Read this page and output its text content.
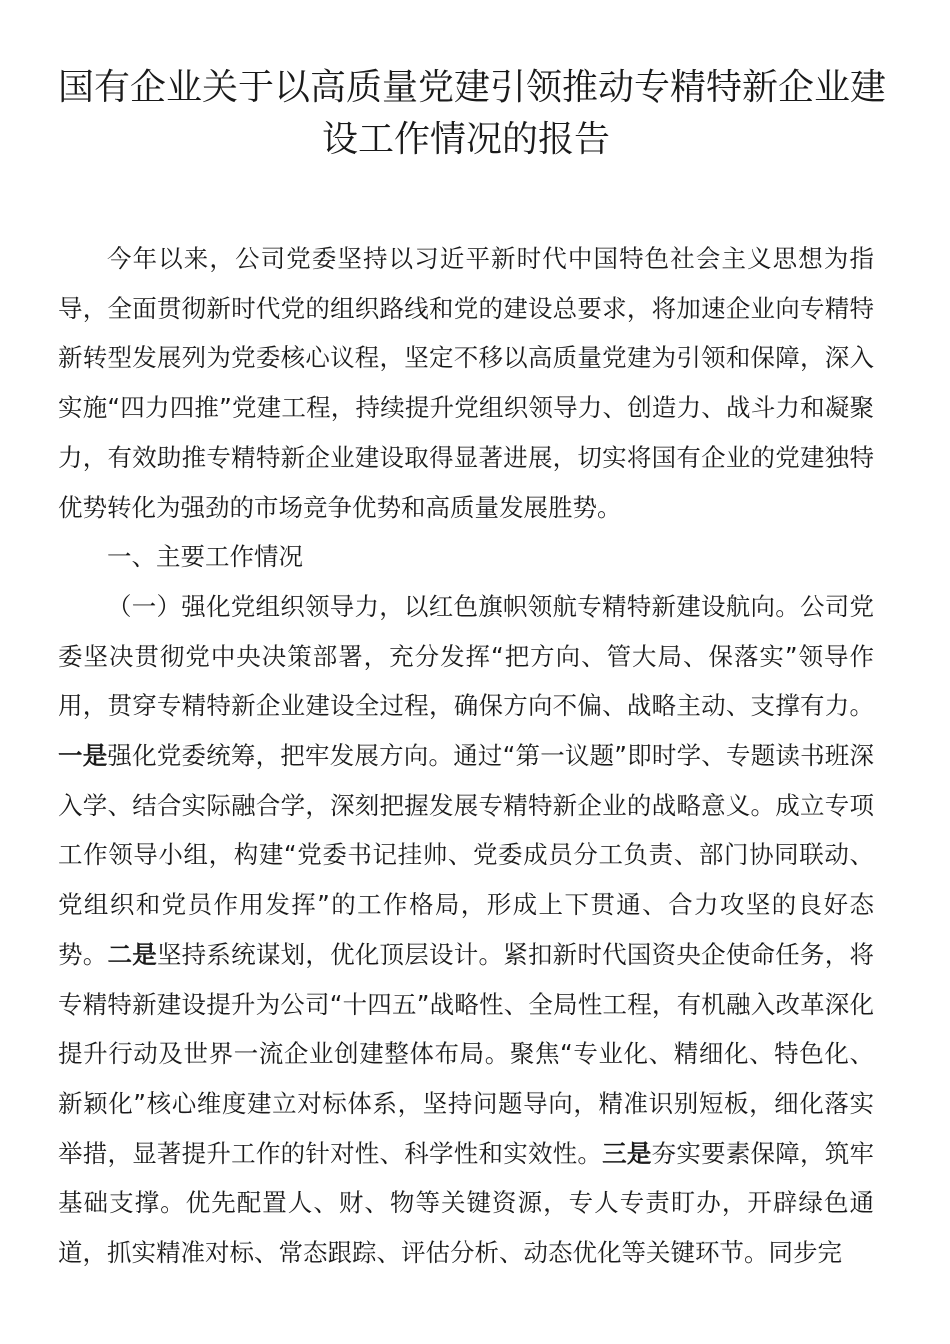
国有企业关于以高质量党建引领推动专精特新企业建
设工作情况的报告

今年以来，公司党委坚持以习近平新时代中国特色社会主义思想为指导，全面贯彻新时代党的组织路线和党的建设总要求，将加速企业向专精特新转型发展列为党委核心议程，坚定不移以高质量党建为引领和保障，深入实施“四力四推”党建工程，持续提升党组织领导力、创造力、战斗力和凝聚力，有效助推专精特新企业建设取得显著进展，切实将国有企业的党建独特优势转化为强劲的市场竞争优势和高质量发展胜势。

一、主要工作情况

（一）强化党组织领导力，以红色旗帜领航专精特新建设航向。公司党委坚决贯彻党中央决策部署，充分发挥“把方向、管大局、保落实”领导作用，贯穿专精特新企业建设全过程，确保方向不偏、战略主动、支撑有力。一是强化党委统筹，把牢发展方向。通过“第一议题”即时学、专题读书班深入学、结合实际融合学，深刻把握发展专精特新企业的战略意义。成立专项工作领导小组，构建“党委书记挂帅、党委成员分工负责、部门协同联动、党组织和党员作用发挥”的工作格局，形成上下贯通、合力攻坚的良好态势。二是坚持系统谋划，优化顶层设计。紧扣新时代国资央企使命任务，将专精特新建设提升为公司“十四五”战略性、全局性工程，有机融入改革深化提升行动及世界一流企业创建整体布局。聚焦“专业化、精细化、特色化、新颖化”核心维度建立对标体系，坚持问题导向，精准识别短板，细化落实举措，显著提升工作的针对性、科学性和实效性。三是夯实要素保障，筑牢基础支撑。优先配置人、财、物等关键资源，专人专责盯办，开辟绿色通道，抓实精准对标、常态跟踪、评估分析、动态优化等关键环节。同步完
